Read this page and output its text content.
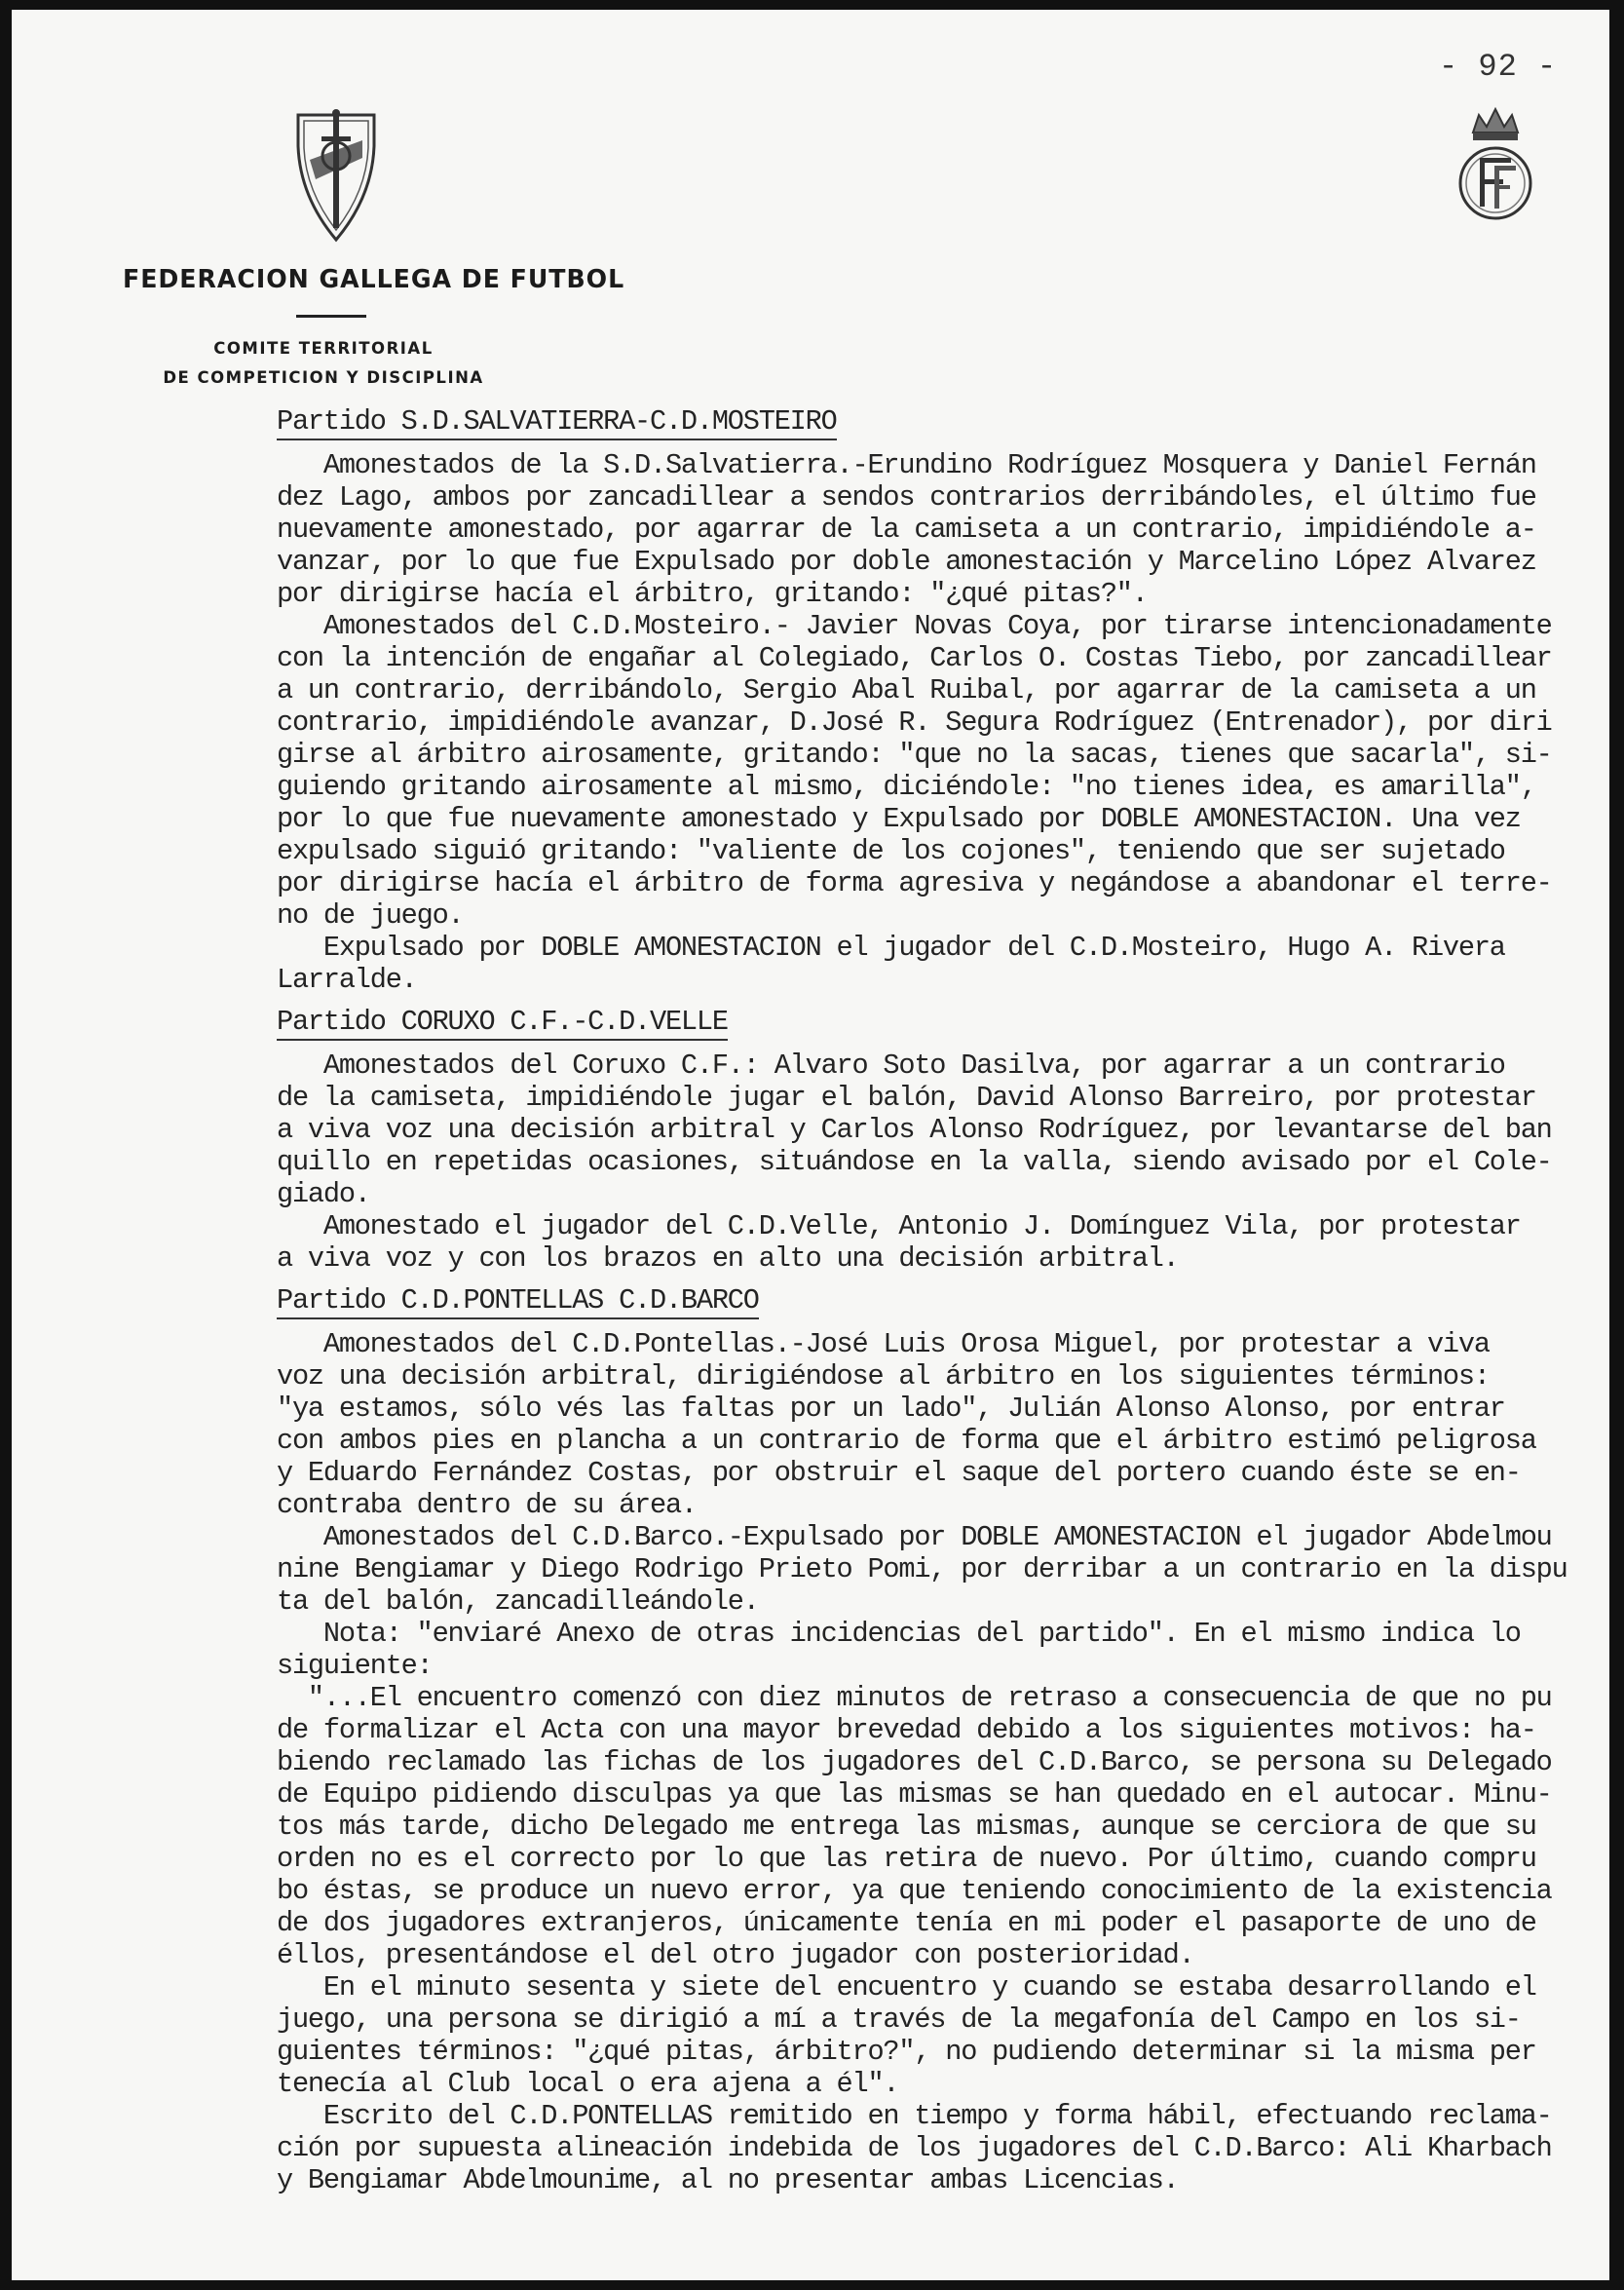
- 92 -
FEDERACION GALLEGA DE FUTBOL
COMITE TERRITORIAL
DE COMPETICION Y DISCIPLINA
Partido S.D.SALVATIERRA-C.D.MOSTEIRO
Amonestados de la S.D.Salvatierra.-Erundino Rodríguez Mosquera y Daniel Fernán
dez Lago, ambos por zancadillear a sendos contrarios derribándoles, el último fue
nuevamente amonestado, por agarrar de la camiseta a un contrario, impidiéndole a-
vanzar, por lo que fue Expulsado por doble amonestación y Marcelino López Alvarez
por dirigirse hacía el árbitro, gritando: "¿qué pitas?".
Amonestados del C.D.Mosteiro.- Javier Novas Coya, por tirarse intencionadamente
con la intención de engañar al Colegiado, Carlos O. Costas Tiebo, por zancadillear
a un contrario, derribándolo, Sergio Abal Ruibal, por agarrar de la camiseta a un
contrario, impidiéndole avanzar, D.José R. Segura Rodríguez (Entrenador), por diri
girse al árbitro airosamente, gritando: "que no la sacas, tienes que sacarla", si-
guiendo gritando airosamente al mismo, diciéndole: "no tienes idea, es amarilla",
por lo que fue nuevamente amonestado y Expulsado por DOBLE AMONESTACION. Una vez
expulsado siguió gritando: "valiente de los cojones", teniendo que ser sujetado
por dirigirse hacía el árbitro de forma agresiva y negándose a abandonar el terre-
no de juego.
Expulsado por DOBLE AMONESTACION el jugador del C.D.Mosteiro, Hugo A. Rivera
Larralde.
Partido CORUXO C.F.-C.D.VELLE
Amonestados del Coruxo C.F.: Alvaro Soto Dasilva, por agarrar a un contrario
de la camiseta, impidiéndole jugar el balón, David Alonso Barreiro, por protestar
a viva voz una decisión arbitral y Carlos Alonso Rodríguez, por levantarse del ban
quillo en repetidas ocasiones, situándose en la valla, siendo avisado por el Cole-
giado.
Amonestado el jugador del C.D.Velle, Antonio J. Domínguez Vila, por protestar
a viva voz y con los brazos en alto una decisión arbitral.
Partido C.D.PONTELLAS C.D.BARCO
Amonestados del C.D.Pontellas.-José Luis Orosa Miguel, por protestar a viva
voz una decisión arbitral, dirigiéndose al árbitro en los siguientes términos:
"ya estamos, sólo vés las faltas por un lado", Julián Alonso Alonso, por entrar
con ambos pies en plancha a un contrario de forma que el árbitro estimó peligrosa
y Eduardo Fernández Costas, por obstruir el saque del portero cuando éste se en-
contraba dentro de su área.
Amonestados del C.D.Barco.-Expulsado por DOBLE AMONESTACION el jugador Abdelmou
nine Bengiamar y Diego Rodrigo Prieto Pomi, por derribar a un contrario en la dispu
ta del balón, zancadilleándole.
Nota: "enviaré Anexo de otras incidencias del partido". En el mismo indica lo
siguiente:
"...El encuentro comenzó con diez minutos de retraso a consecuencia de que no pu
de formalizar el Acta con una mayor brevedad debido a los siguientes motivos: ha-
biendo reclamado las fichas de los jugadores del C.D.Barco, se persona su Delegado
de Equipo pidiendo disculpas ya que las mismas se han quedado en el autocar. Minu-
tos más tarde, dicho Delegado me entrega las mismas, aunque se cerciora de que su
orden no es el correcto por lo que las retira de nuevo. Por último, cuando compru
bo éstas, se produce un nuevo error, ya que teniendo conocimiento de la existencia
de dos jugadores extranjeros, únicamente tenía en mi poder el pasaporte de uno de
éllos, presentándose el del otro jugador con posterioridad.
En el minuto sesenta y siete del encuentro y cuando se estaba desarrollando el
juego, una persona se dirigió a mí a través de la megafonía del Campo en los si-
guientes términos: "¿qué pitas, árbitro?", no pudiendo determinar si la misma per
tenecía al Club local o era ajena a él".
Escrito del C.D.PONTELLAS remitido en tiempo y forma hábil, efectuando reclama-
ción por supuesta alineación indebida de los jugadores del C.D.Barco: Ali Kharbach
y Bengiamar Abdelmounime, al no presentar ambas Licencias.
